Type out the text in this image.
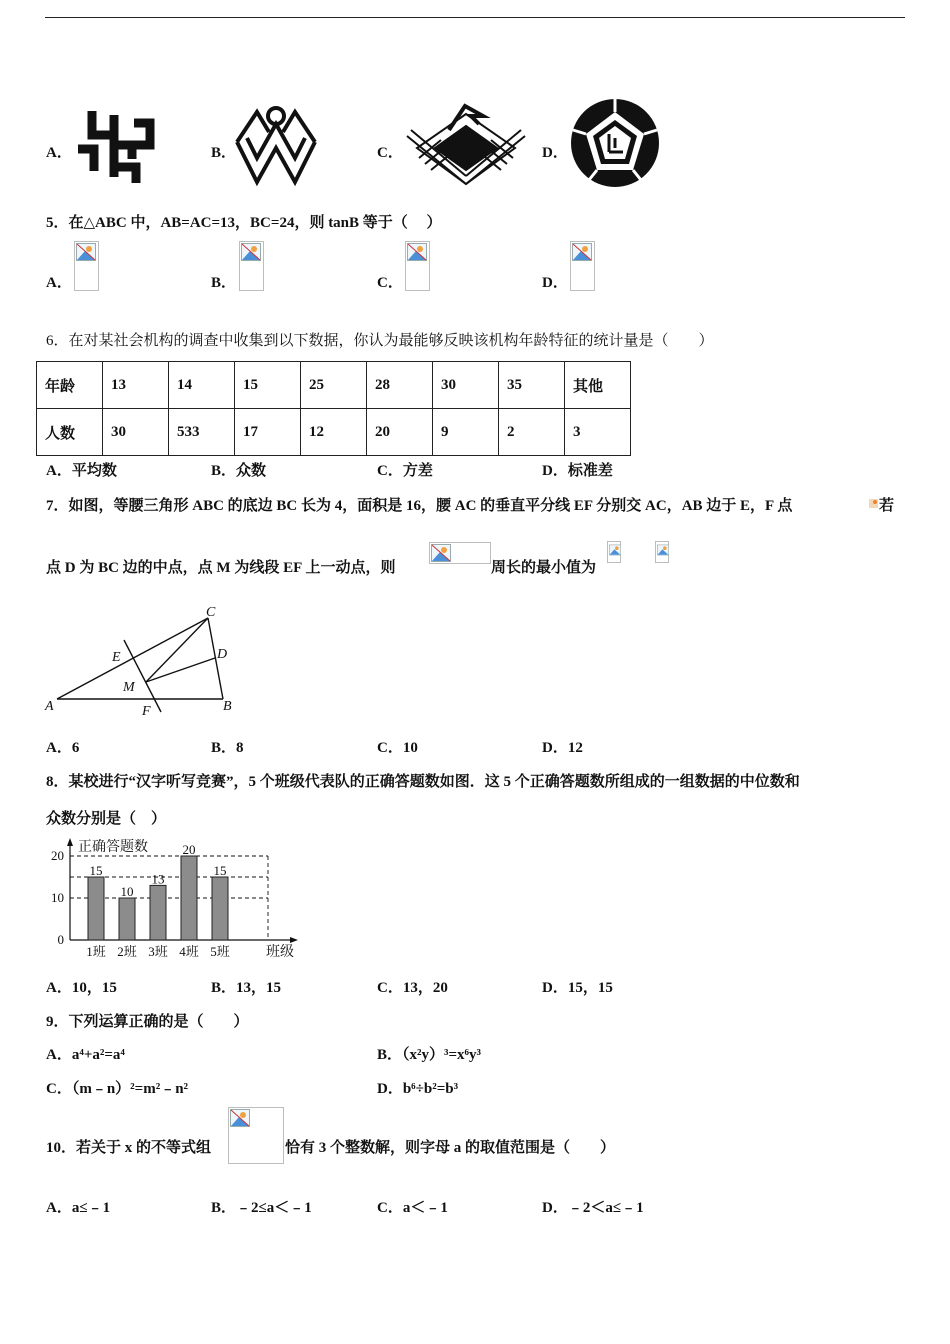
A．	B．	C．	D．
5．在△ABC 中，AB=AC=13，BC=24，则 tanB 等于（　 ）
A．	B．	C．	D．
6．在对某社会机构的调查中收集到以下数据，你认为最能够反映该机构年龄特征的统计量是（　　）
年龄	13	14	15	25	28	30	35	其他
人数	30	533	17	12	20	9	2	3
A．平均数	B．众数	C．方差	D．标准差
7．如图，等腰三角形 ABC 的底边 BC 长为 4，面积是 16，腰 AC 的垂直平分线 EF 分别交 AC，AB 边于 E，F 点	若
点 D 为 BC 边的中点，点 M 为线段 EF 上一动点，则	周长的最小值为
A	B
C
D
E
F
M
A．6	B．8	C．10	D．12
8．某校进行“汉字听写竞赛”，5 个班级代表队的正确答题数如图．这 5 个正确答题数所组成的一组数据的中位数和
众数分别是（　）
15
10
13
20
15
1班 2班 3班 4班 5班
0
10
20
正确答题数
班级
A．10，15	B．13，15	C．13，20	D．15，15
9．下列运算正确的是（　　）
A．a⁴+a²=a⁴	B．（x²y）³=x⁶y³
C．（m﹣n）²=m²﹣n²	D．b⁶÷b²=b³
10．若关于 x 的不等式组	恰有 3 个整数解，则字母 a 的取值范围是（　　）
A．a≤﹣1	B．﹣2≤a＜﹣1	C．a＜﹣1	D．﹣2＜a≤﹣1
